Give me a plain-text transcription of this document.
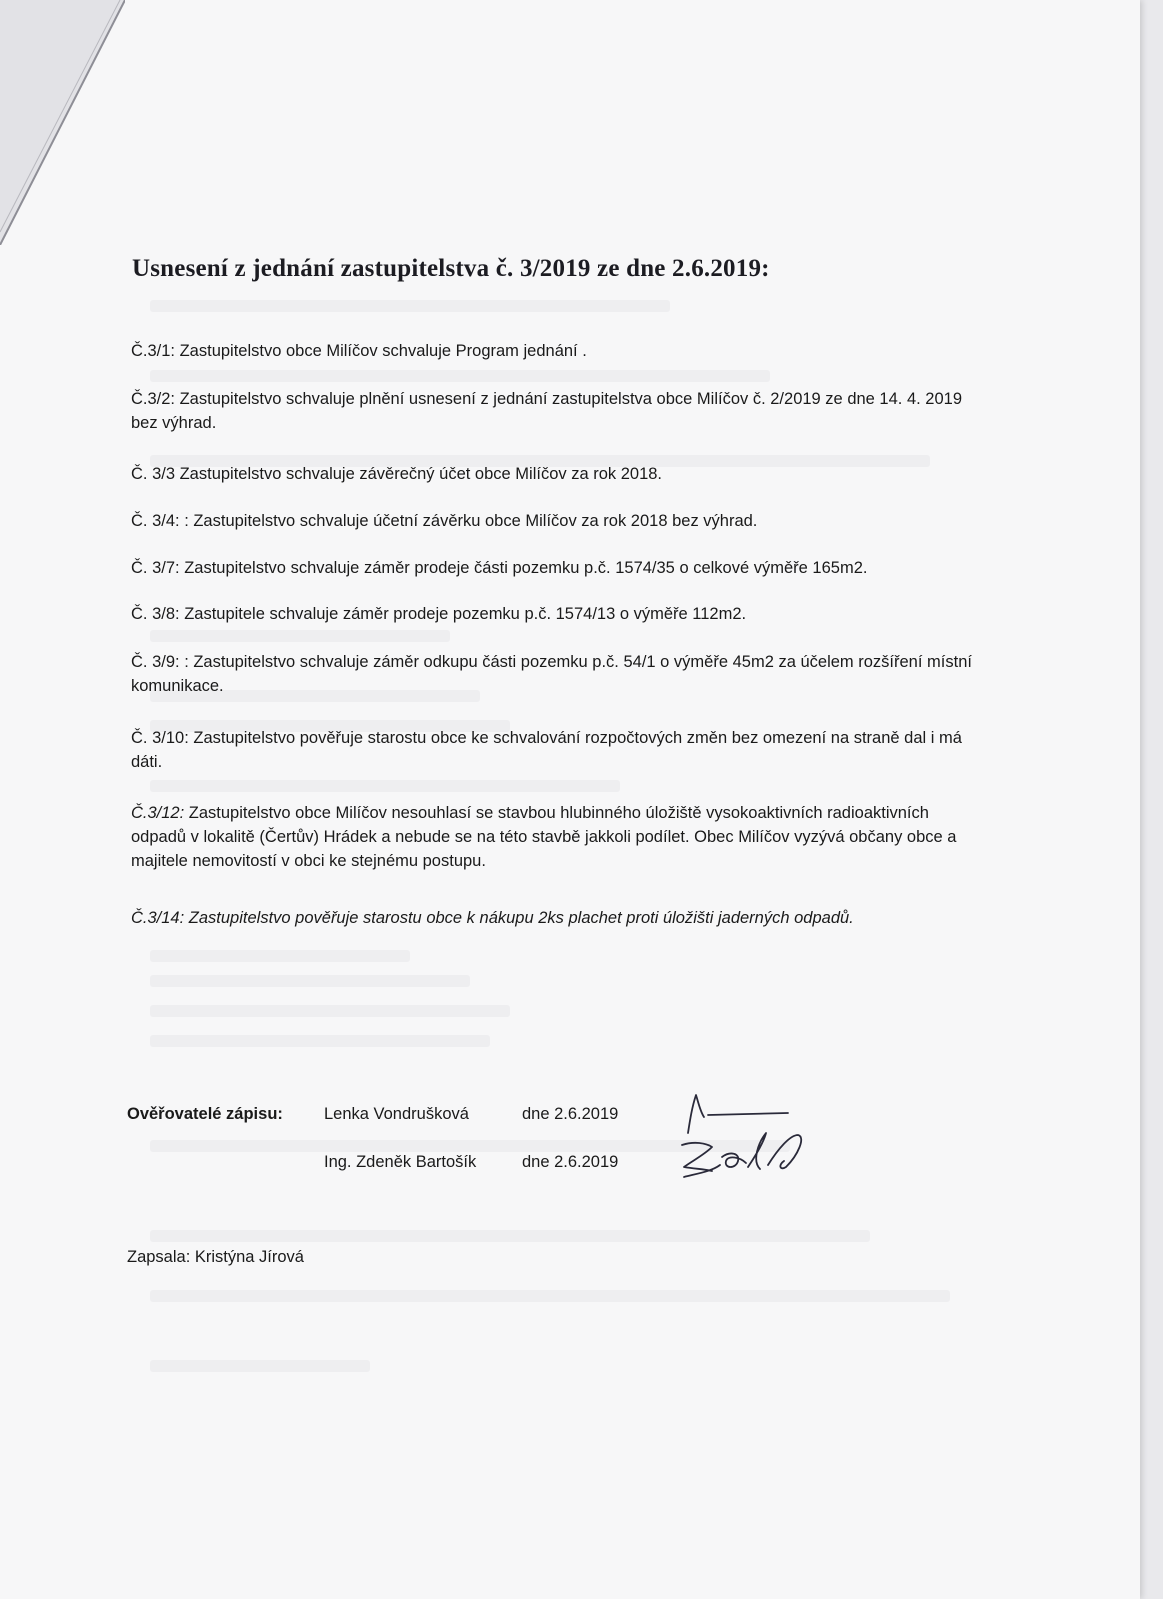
Usnesení z jednání zastupitelstva č. 3/2019 ze dne 2.6.2019:
Č.3/1: Zastupitelstvo obce Milíčov schvaluje Program jednání .
Č.3/2: Zastupitelstvo schvaluje plnění usnesení z jednání zastupitelstva obce Milíčov č. 2/2019 ze dne 14. 4. 2019 bez výhrad.
Č. 3/3 Zastupitelstvo schvaluje závěrečný účet obce Milíčov za rok 2018.
Č. 3/4: : Zastupitelstvo schvaluje účetní závěrku obce Milíčov za rok 2018 bez výhrad.
Č. 3/7: Zastupitelstvo schvaluje záměr prodeje části pozemku p.č. 1574/35 o celkové výměře 165m2.
Č. 3/8: Zastupitele schvaluje záměr prodeje pozemku p.č. 1574/13 o výměře 112m2.
Č. 3/9: : Zastupitelstvo schvaluje záměr odkupu části pozemku p.č. 54/1 o výměře 45m2 za účelem rozšíření místní komunikace.
Č. 3/10: Zastupitelstvo pověřuje starostu obce ke schvalování rozpočtových změn bez omezení na straně dal i má dáti.
Č.3/12: Zastupitelstvo obce Milíčov nesouhlasí se stavbou hlubinného úložiště vysokoaktivních radioaktivních odpadů v lokalitě (Čertův) Hrádek a nebude se na této stavbě jakkoli podílet. Obec Milíčov vyzývá občany obce a majitele nemovitostí v obci ke stejnému postupu.
Č.3/14: Zastupitelstvo pověřuje starostu obce k nákupu 2ks plachet proti úložišti jaderných odpadů.
Ověřovatelé zápisu: Lenka Vondrušková	dne 2.6.2019
Ing. Zdeněk Bartošík	dne 2.6.2019
Zapsala: Kristýna Jírová
